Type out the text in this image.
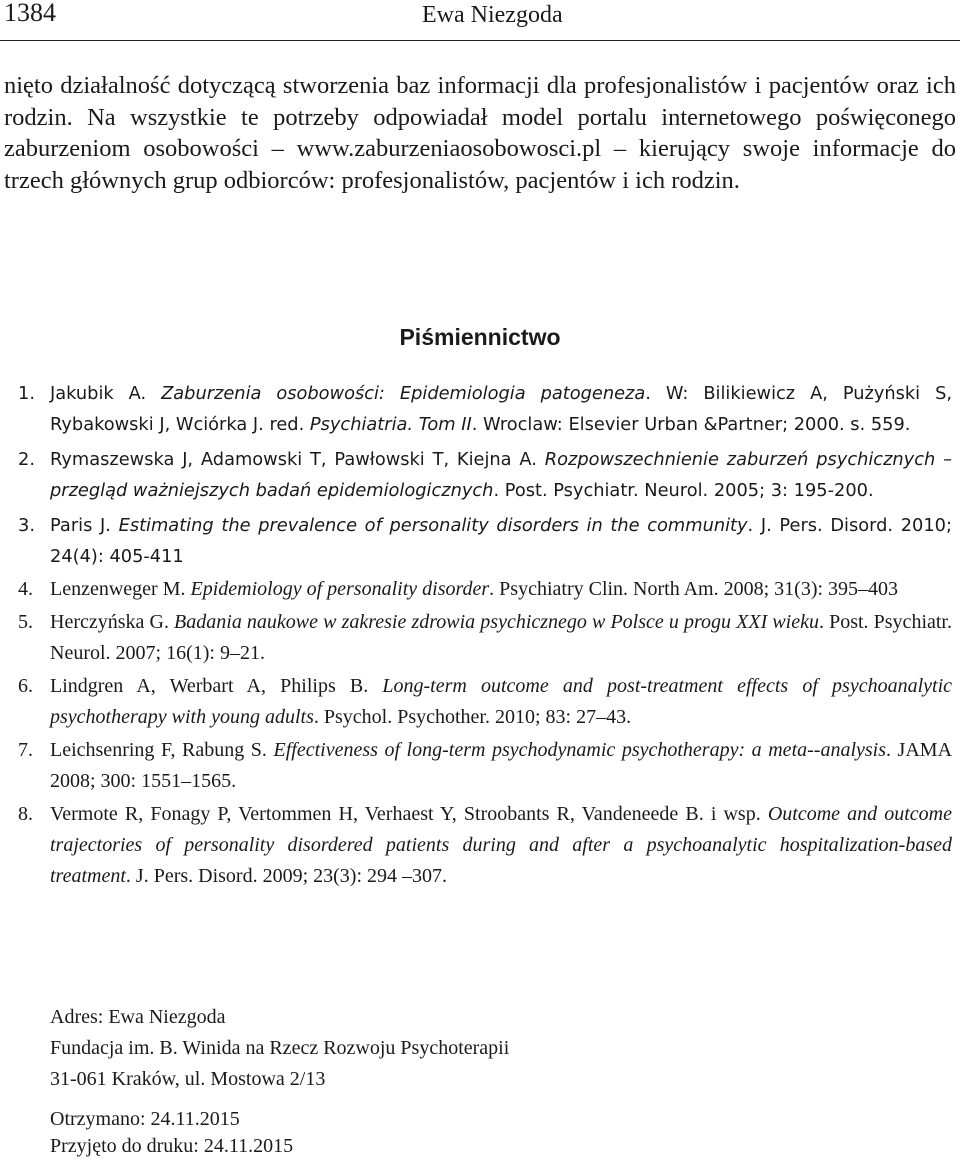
1384	Ewa Niezgoda

nięto działalność dotyczącą stworzenia baz informacji dla profesjonalistów i pacjentów oraz ich rodzin. Na wszystkie te potrzeby odpowiadał model portalu internetowego poświęconego zaburzeniom osobowości – www.zaburzeniaosobowosci.pl – kierujący swoje informacje do trzech głównych grup odbiorców: profesjonalistów, pacjentów i ich rodzin.

Piśmiennictwo
1. Jakubik A. Zaburzenia osobowości: Epidemiologia patogeneza. W: Bilikiewicz A, Pużyński S, Rybakowski J, Wciórka J. red. Psychiatria. Tom II. Wroclaw: Elsevier Urban &Partner; 2000. s. 559.
2. Rymaszewska J, Adamowski T, Pawłowski T, Kiejna A. Rozpowszechnienie zaburzeń psychicznych – przegląd ważniejszych badań epidemiologicznych. Post. Psychiatr. Neurol. 2005; 3: 195-200.
3. Paris J. Estimating the prevalence of personality disorders in the community. J. Pers. Disord. 2010; 24(4): 405-411
4. Lenzenweger M. Epidemiology of personality disorder. Psychiatry Clin. North Am. 2008; 31(3): 395–403
5. Herczyńska G. Badania naukowe w zakresie zdrowia psychicznego w Polsce u progu XXI wieku. Post. Psychiatr. Neurol. 2007; 16(1): 9–21.
6. Lindgren A, Werbart A, Philips B. Long-term outcome and post-treatment effects of psychoanalytic psychotherapy with young adults. Psychol. Psychother. 2010; 83: 27–43.
7. Leichsenring F, Rabung S. Effectiveness of long-term psychodynamic psychotherapy: a meta--analysis. JAMA 2008; 300: 1551–1565.
8. Vermote R, Fonagy P, Vertommen H, Verhaest Y, Stroobants R, Vandeneede B. i wsp. Outcome and outcome trajectories of personality disordered patients during and after a psychoanalytic hospitalization-based treatment. J. Pers. Disord. 2009; 23(3): 294 –307.
Adres: Ewa Niezgoda
Fundacja im. B. Winida na Rzecz Rozwoju Psychoterapii
31-061 Kraków, ul. Mostowa 2/13
Otrzymano: 24.11.2015
Przyjęto do druku: 24.11.2015
